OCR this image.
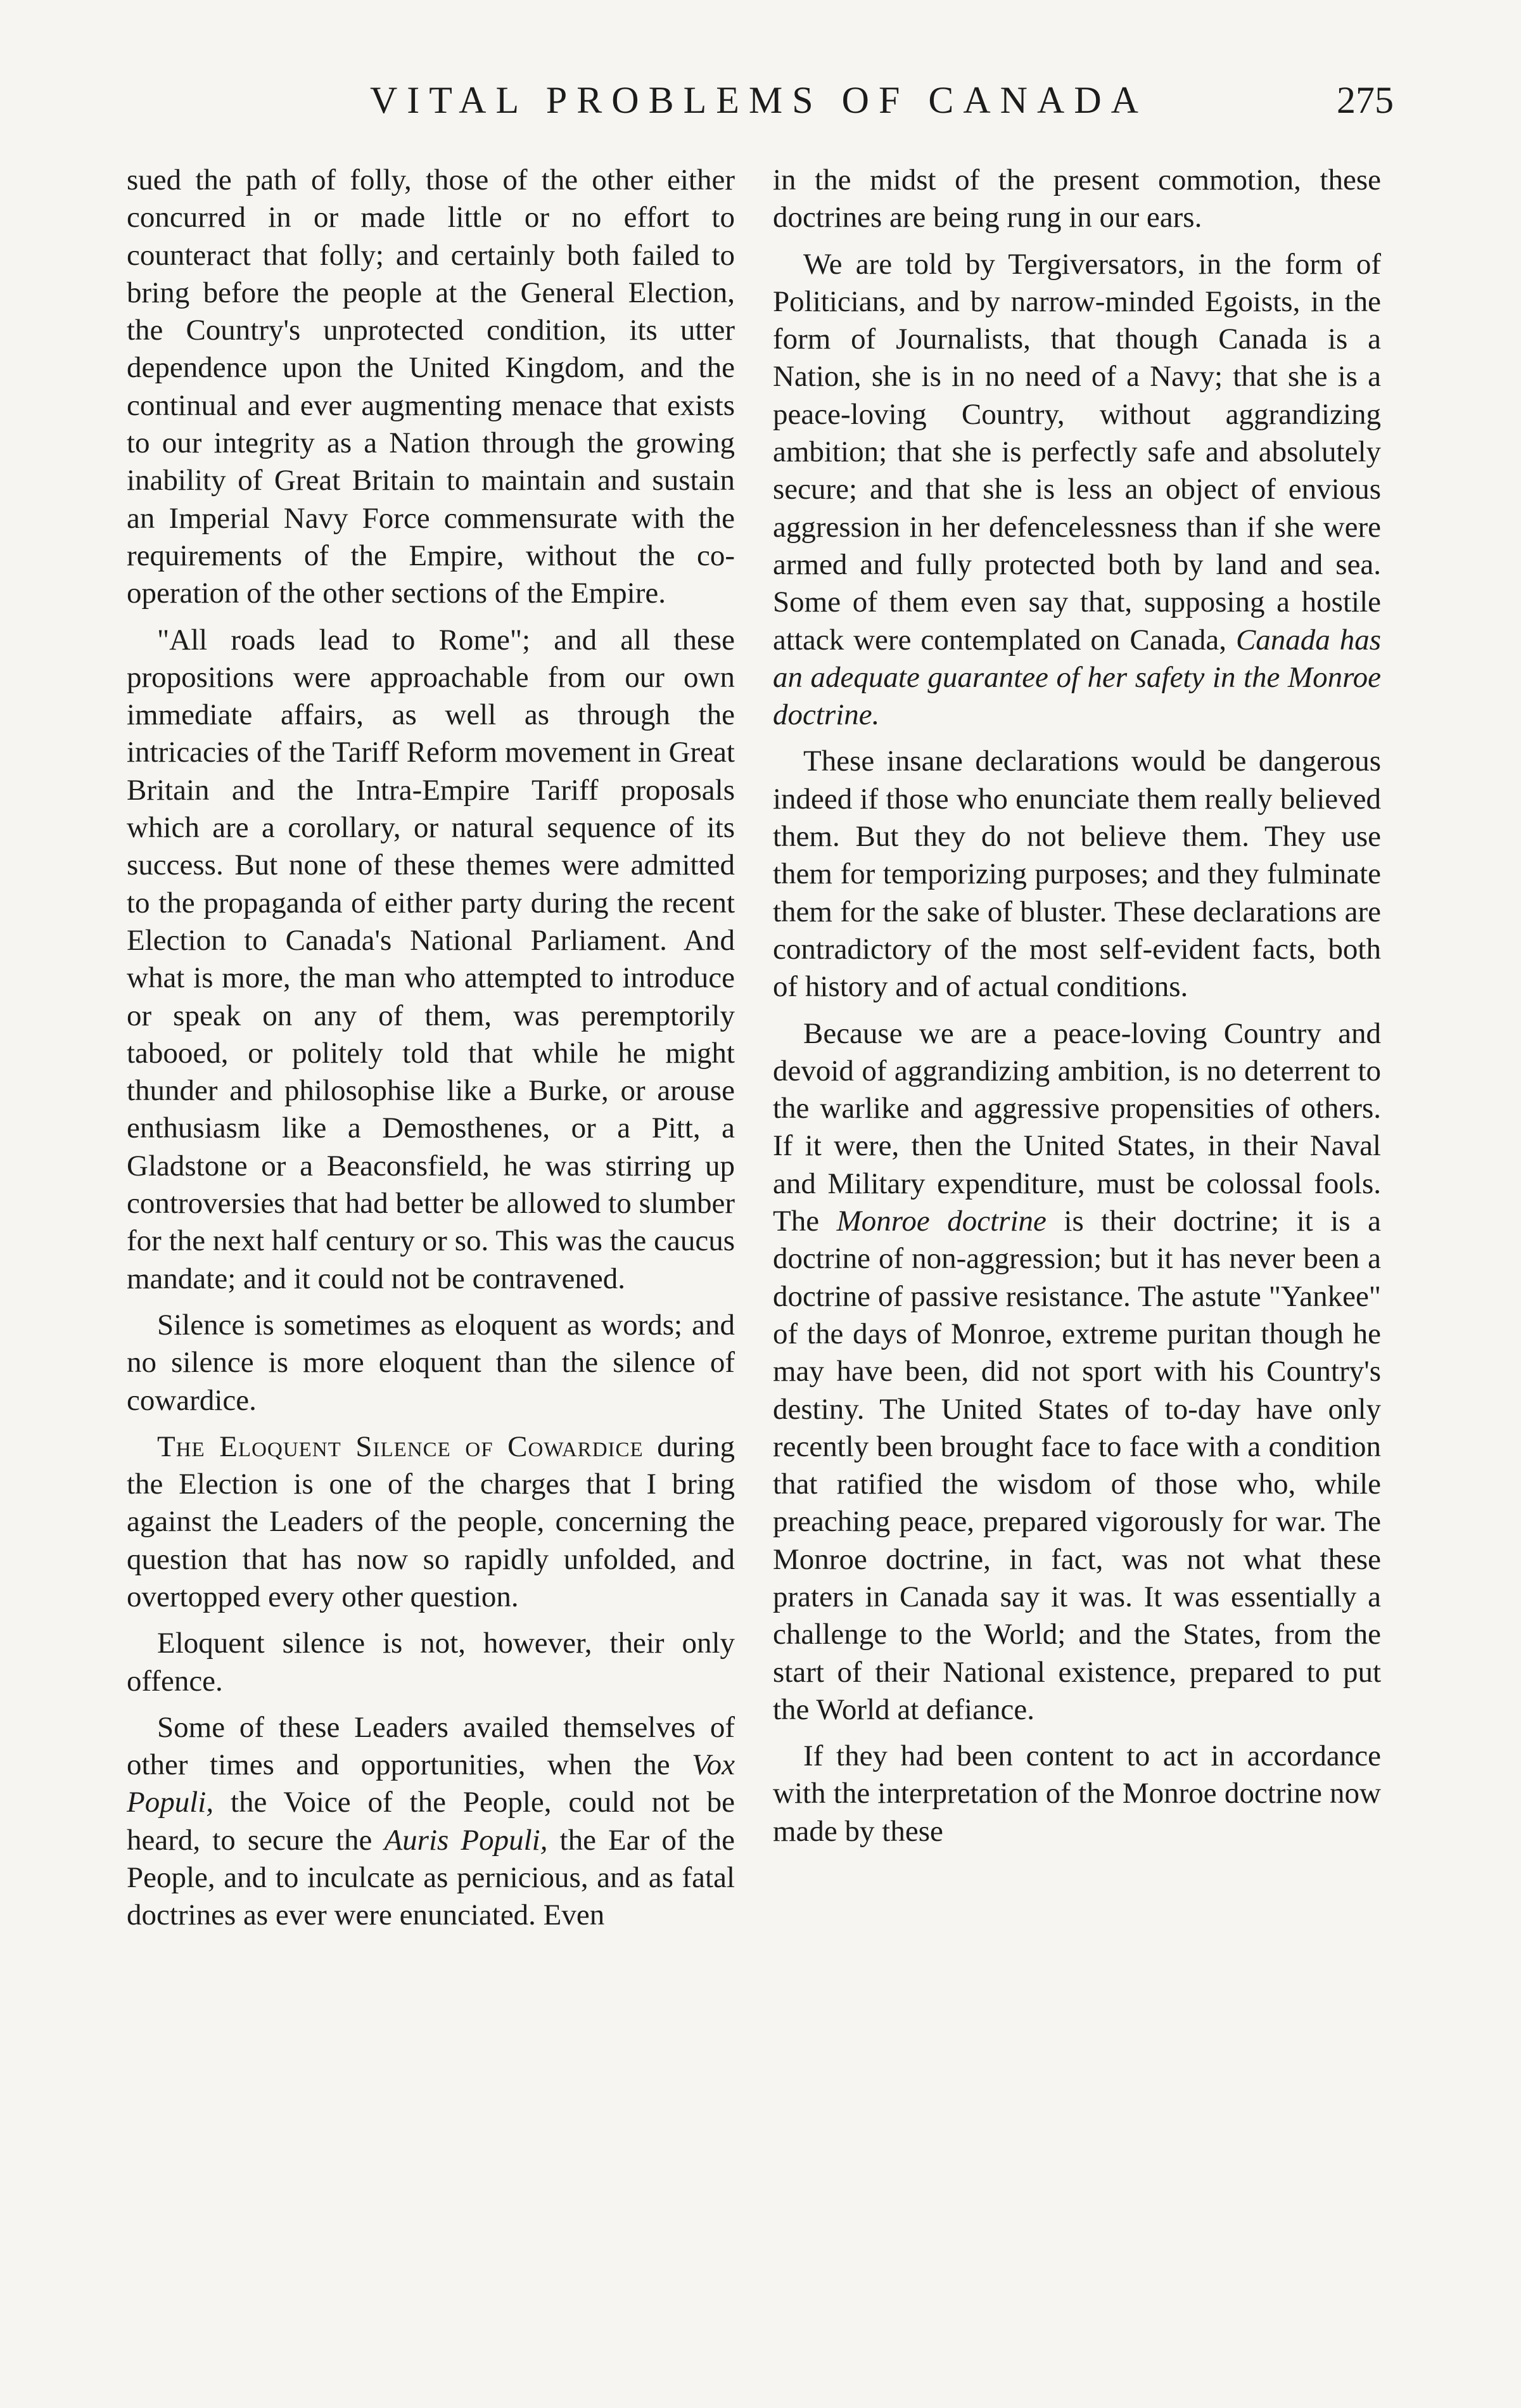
VITAL PROBLEMS OF CANADA	275

sued the path of folly, those of the other either concurred in or made little or no effort to counteract that folly; and certainly both failed to bring before the people at the General Election, the Country's unprotected condition, its utter dependence upon the United Kingdom, and the continual and ever augmenting menace that exists to our integrity as a Nation through the growing inability of Great Britain to maintain and sustain an Imperial Navy Force commensurate with the requirements of the Empire, without the co-operation of the other sections of the Empire.

"All roads lead to Rome"; and all these propositions were approachable from our own immediate affairs, as well as through the intricacies of the Tariff Reform movement in Great Britain and the Intra-Empire Tariff proposals which are a corollary, or natural sequence of its success. But none of these themes were admitted to the propaganda of either party during the recent Election to Canada's National Parliament. And what is more, the man who attempted to introduce or speak on any of them, was peremptorily tabooed, or politely told that while he might thunder and philosophise like a Burke, or arouse enthusiasm like a Demosthenes, or a Pitt, a Gladstone or a Beaconsfield, he was stirring up controversies that had better be allowed to slumber for the next half century or so. This was the caucus mandate; and it could not be contravened.

Silence is sometimes as eloquent as words; and no silence is more eloquent than the silence of cowardice.

The Eloquent Silence of Cowardice during the Election is one of the charges that I bring against the Leaders of the people, concerning the question that has now so rapidly unfolded, and overtopped every other question.

Eloquent silence is not, however, their only offence.

Some of these Leaders availed themselves of other times and opportunities, when the Vox Populi, the Voice of the People, could not be heard, to secure the Auris Populi, the Ear of the People, and to inculcate as pernicious, and as fatal doctrines as ever were enunciated. Even

in the midst of the present commotion, these doctrines are being rung in our ears.

We are told by Tergiversators, in the form of Politicians, and by narrow-minded Egoists, in the form of Journalists, that though Canada is a Nation, she is in no need of a Navy; that she is a peace-loving Country, without aggrandizing ambition; that she is perfectly safe and absolutely secure; and that she is less an object of envious aggression in her defencelessness than if she were armed and fully protected both by land and sea. Some of them even say that, supposing a hostile attack were contemplated on Canada, Canada has an adequate guarantee of her safety in the Monroe doctrine.

These insane declarations would be dangerous indeed if those who enunciate them really believed them. But they do not believe them. They use them for temporizing purposes; and they fulminate them for the sake of bluster. These declarations are contradictory of the most self-evident facts, both of history and of actual conditions.

Because we are a peace-loving Country and devoid of aggrandizing ambition, is no deterrent to the warlike and aggressive propensities of others. If it were, then the United States, in their Naval and Military expenditure, must be colossal fools. The Monroe doctrine is their doctrine; it is a doctrine of non-aggression; but it has never been a doctrine of passive resistance. The astute "Yankee" of the days of Monroe, extreme puritan though he may have been, did not sport with his Country's destiny. The United States of to-day have only recently been brought face to face with a condition that ratified the wisdom of those who, while preaching peace, prepared vigorously for war. The Monroe doctrine, in fact, was not what these praters in Canada say it was. It was essentially a challenge to the World; and the States, from the start of their National existence, prepared to put the World at defiance.

If they had been content to act in accordance with the interpretation of the Monroe doctrine now made by these
